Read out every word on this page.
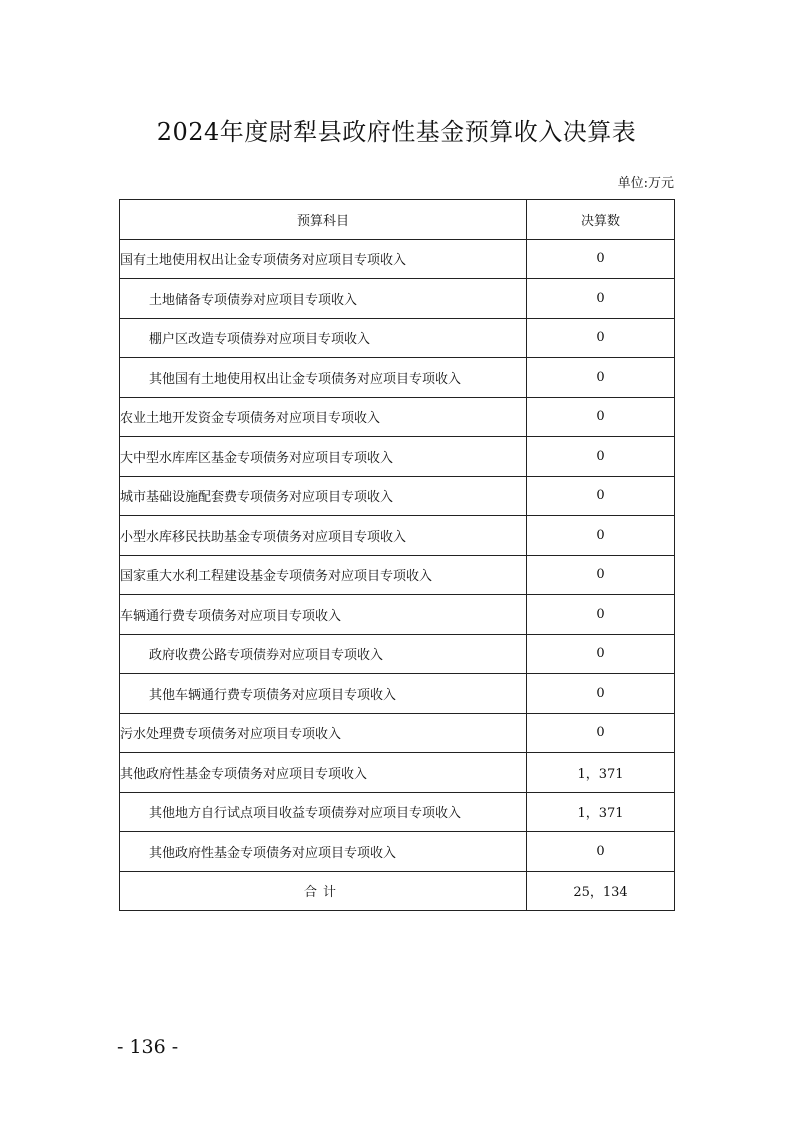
2024年度尉犁县政府性基金预算收入决算表
单位:万元
预算科目	决算数
国有土地使用权出让金专项债务对应项目专项收入	0
土地储备专项债券对应项目专项收入	0
棚户区改造专项债券对应项目专项收入	0
其他国有土地使用权出让金专项债务对应项目专项收入	0
农业土地开发资金专项债务对应项目专项收入	0
大中型水库库区基金专项债务对应项目专项收入	0
城市基础设施配套费专项债务对应项目专项收入	0
小型水库移民扶助基金专项债务对应项目专项收入	0
国家重大水利工程建设基金专项债务对应项目专项收入	0
车辆通行费专项债务对应项目专项收入	0
政府收费公路专项债券对应项目专项收入	0
其他车辆通行费专项债务对应项目专项收入	0
污水处理费专项债务对应项目专项收入	0
其他政府性基金专项债务对应项目专项收入	1，371
其他地方自行试点项目收益专项债券对应项目专项收入	1，371
其他政府性基金专项债务对应项目专项收入	0
合计	25，134
- 136 -
